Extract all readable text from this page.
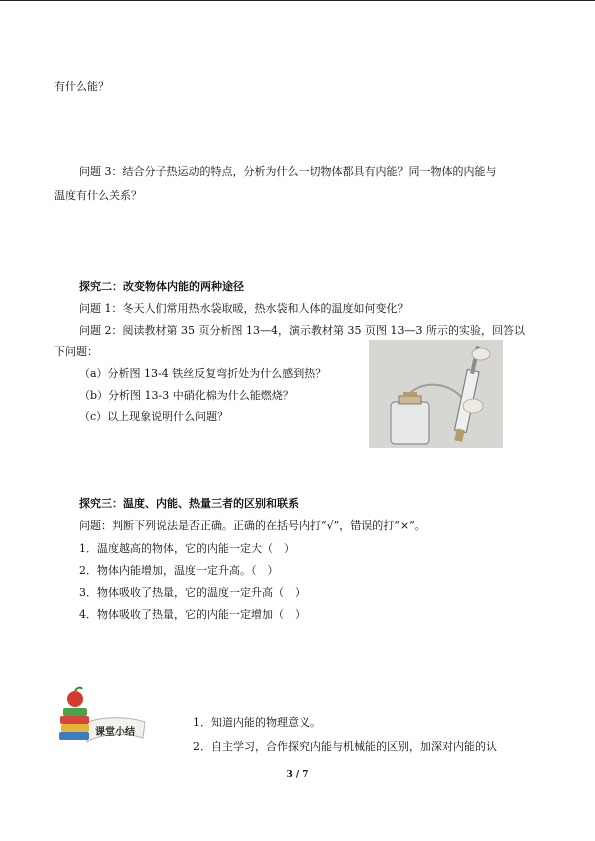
有什么能？
问题 3：结合分子热运动的特点，分析为什么一切物体都具有内能？同一物体的内能与
温度有什么关系？
探究二：改变物体内能的两种途径
问题 1：冬天人们常用热水袋取暖，热水袋和人体的温度如何变化？
问题 2：阅读教材第 35 页分析图 13—4，演示教材第 35 页图 13—3 所示的实验，回答以
下问题：
（a）分析图 13-4 铁丝反复弯折处为什么感到热？
（b）分析图 13-3 中硝化棉为什么能燃烧？
（c）以上现象说明什么问题？
探究三：温度、内能、热量三者的区别和联系
问题：判断下列说法是否正确。正确的在括号内打“√”，错误的打“×”。
1．温度越高的物体，它的内能一定大（　）
2．物体内能增加，温度一定升高。（　）
3．物体吸收了热量，它的温度一定升高（　）
4．物体吸收了热量，它的内能一定增加（　）
课堂小结
1．知道内能的物理意义。
2．自主学习，合作探究内能与机械能的区别，加深对内能的认
3 / 7
